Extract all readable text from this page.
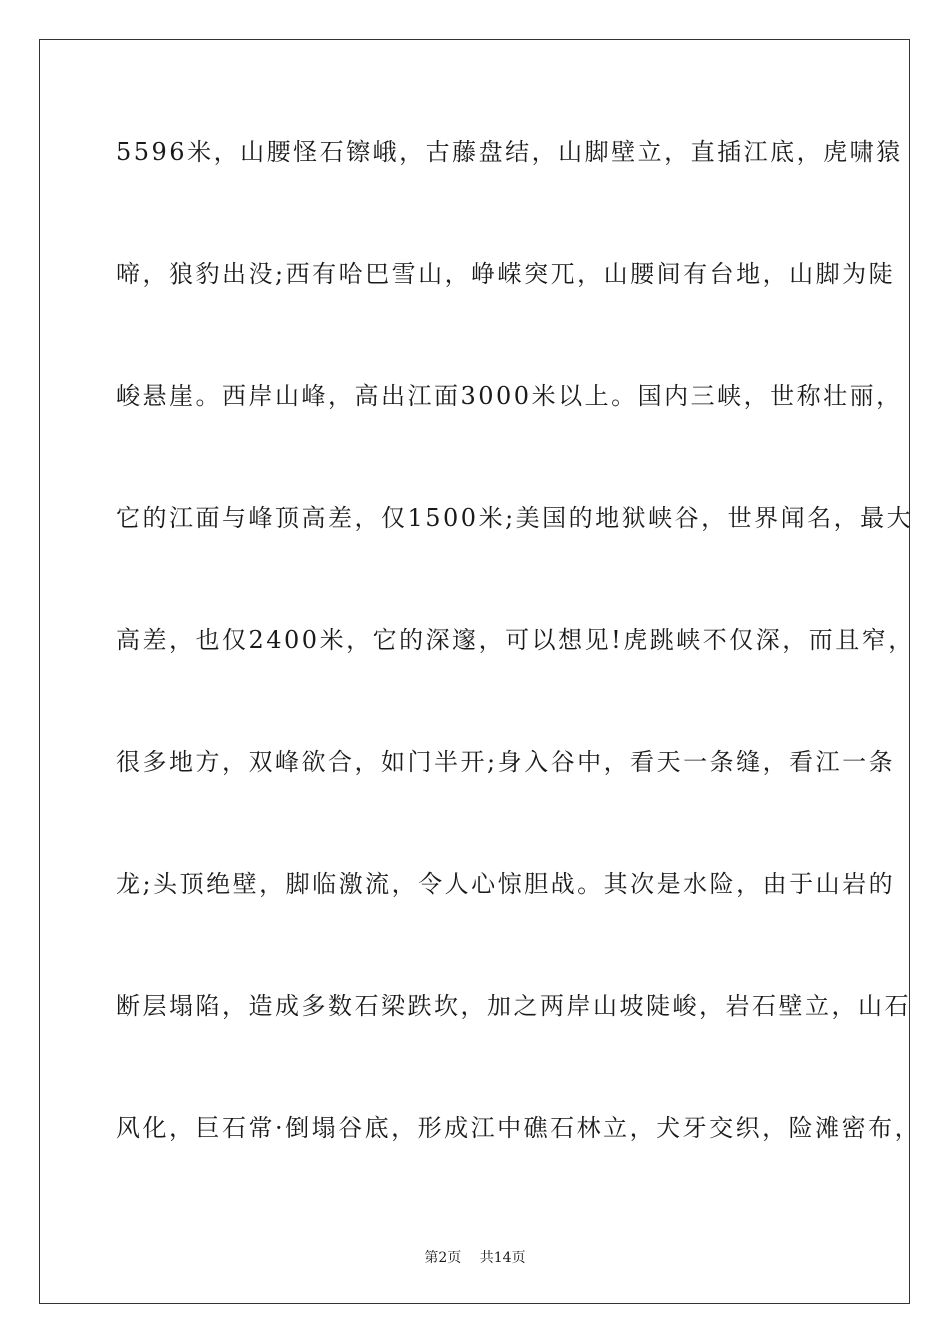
5596米，山腰怪石镲峨，古藤盘结，山脚壁立，直插江底，虎啸猿
啼，狼豹出没;西有哈巴雪山，峥嵘突兀，山腰间有台地，山脚为陡
峻悬崖。西岸山峰，高出江面3000米以上。国内三峡，世称壮丽，
它的江面与峰顶高差，仅1500米;美国的地狱峡谷，世界闻名，最大
高差，也仅2400米，它的深邃，可以想见!虎跳峡不仅深，而且窄，
很多地方，双峰欲合，如门半开;身入谷中，看天一条缝，看江一条
龙;头顶绝壁，脚临激流，令人心惊胆战。其次是水险，由于山岩的
断层塌陷，造成多数石梁跌坎，加之两岸山坡陡峻，岩石壁立，山石
风化，巨石常·倒塌谷底，形成江中礁石林立，犬牙交织，险滩密布，
第2页 共14页
